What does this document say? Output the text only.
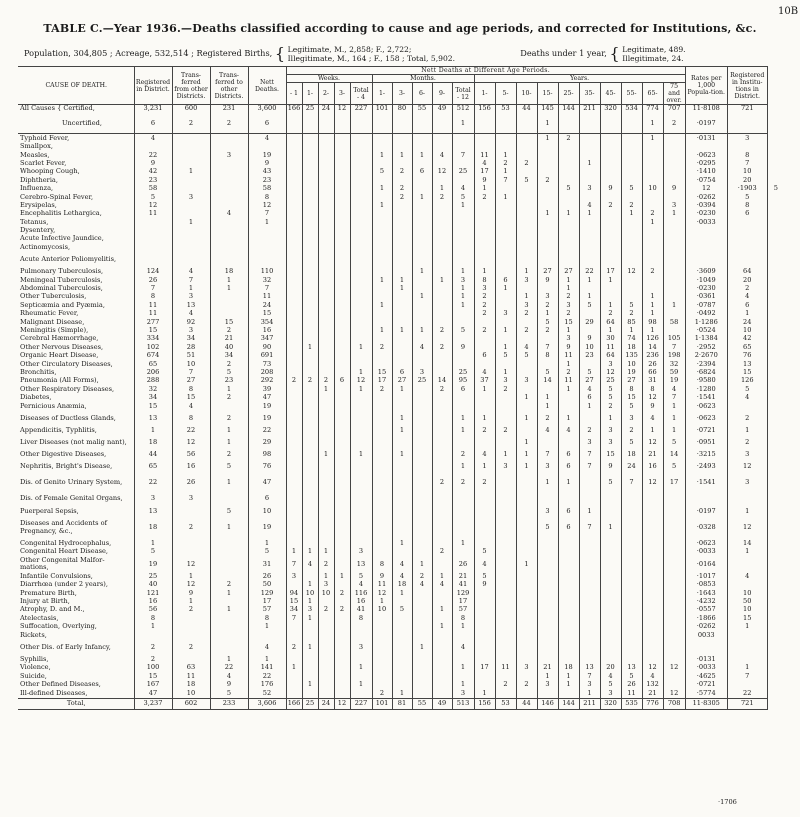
10B
TABLE C.—Year 1936.—Deaths classified according to cause and age periods, and corrected for Institutions, &c.
Population, 304,805 ; Acreage, 532,514 ; Registered Births, { Legitimate, M., 2,858; F., 2,722;
Illegitimate, M., 164 ; F., 158 ; Total, 5,902.  Deaths under 1 year, { Legitimate, 489.
Illegitimate, 24.
CAUSE OF DEATH.	Registered in District.	Trans-ferred from other Districts.	Trans-ferred to other Districts.	Nett Deaths.	Nett Deaths at Different Age Periods.																				Rates per 1,000 Popula-tion.	Registered in Institu-tions in District.	
					Weeks.					Months.					Years.												
					- 1	1-	2-	3-	Total - 4	1-	3-	6-	9-	Total - 12	1-	5-	10-	15-	25-	35-	45-	55-	65-	75 and over.			
All Causes { Certified,	3,231	600	231	3,600	166	25	24	12	227	101	80	55	49	512	156	53	44	145	144	211	320	534	774	707	11·8108	721	
Uncertified,	6	2	2	6										1				1					1	2	·0197		
Typhoid Fever,	4			4														1	2				1		·0131	3	
Smallpox,																											
Measles,	22		3	19						1	1	1	4	7	11	1									·0623	8	
Scarlet Fever,	9			9											4	2	2			1					·0295	7	
Whooping Cough,	42	1		43						5	2	6	12	25	17	1									·1410	10	
Diphtheria,	23			23											9	7	5	2							·0754	20	
Influenza,	58			58						1	2		1	4	1				5	3	9	5	10	9	12	·1903	5
Cerebro-Spinal Fever,	5	3		8							2	1	2	5	2	1									·0262	5	
Erysipelas,	12			12						1				1						4	2	2		3	·0394	8	
Encephalitis Lethargica,	11		4	7														1	1	1		1	2	1	·0230	6	
Tetanus,		1		1																			1		·0033		
Dysentery,																											
Acute Infective Jaundice,																											
Actinomycosis,																											
Acute Anterior Poliomyelitis,																											
Pulmonary Tuberculosis,	124	4	18	110								1		1	1		1	27	27	22	17	12	2		·3609	64	
Meningeal Tuberculosis,	26	7	1	32						1	1		1	3	8	6	3	9	1	1	1				·1049	20	
Abdominal Tuberculosis,	7	1	1	7							1			1	3	1			1						·0230	2	
Other Tuberculosis,	8	3		11								1		1	2		1	3	2	1			1		·0361	4	
Septicæmia and Pyæmia,	11	13		24						1				1	2		3	2	3	5	1	5	1	1	·0787	6	
Rheumatic Fever,	11	4		15											2	3	2	1	2		2	2	1		·0492	1	
Malignant Disease,	277	92	15	354														5	15	29	64	85	98	58	1·1286	24	
Meningitis (Simple),	15	3	2	16						1	1	1	2	5	2	1	2	2	1		1	1	1		·0524	10	
Cerebral Hæmorrhage,	334	34	21	347															3	9	30	74	126	105	1·1384	42	
Other Nervous Diseases,	102	28	40	90		1			1	2		4	2	9		1	4	7	9	10	11	18	14	7	·2952	65	
Organic Heart Disease,	674	51	34	691											6	5	5	8	11	23	64	135	236	198	2·2670	76	
Other Circulatory Diseases,	65	10	2	73															1		3	10	26	32	·2394	13	
Bronchitis,	206	7	5	208					1	15	6	3		25	4	1		5	2	5	12	19	66	59	·6824	15	
Pneumonia (All Forms),	288	27	23	292	2	2	2	6	12	17	27	25	14	95	37	3	3	14	11	27	25	27	31	19	·9580	126	
Other Respiratory Diseases,	32	8	1	39			1		1	2	1		2	6	1	2			1	4	5	8	8	4	·1280	5	
Diabetes,	34	15	2	47													1	1		6	5	15	12	7	·1541	4	
Pernicious Anæmia,	15	4		19														1		1	2	5	9	1	·0623		
Diseases of Ductless Glands,	13	8	2	19							1			1	1		1	2	1		1	3	4	1	·0623	2	
Appendicitis, Typhlitis,	1	22	1	22							1			1	2	2		4	4	2	3	2	1	1	·0721	1	
Liver Diseases (not malig nant),	18	12	1	29													1			3	3	5	12	5	·0951	2	
Other Digestive Diseases,	44	56	2	98			1		1		1			2	4	1	1	7	6	7	15	18	21	14	·3215	3	
Nephritis, Bright's Disease,	65	16	5	76										1	1	3	1	3	6	7	9	24	16	5	·2493	12	
Dis. of Genito Urinary System,	22	26	1	47									2	2	2			1	1		5	7	12	17	·1541	3	
Dis. of Female Genital Organs,	3	3		6																							
Puerperal Sepsis,	13		5	10														3	6	1					·0197	1	
Diseases and Accidents of Pregnancy, &c.,	18	2	1	19														5	6	7	1				·0328	12	
Congenital Hydrocephalus,	1			1							1			1											·0623	14	
Congenital Heart Disease,	5			5	1	1	1		3				2		5										·0033	1	
Other Congenital Malfor-mations,	19	12		31	7	4	2		13	8	4	1		26	4		1								·0164		
Infantile Convulsions,	25	1		26	3		1	1	5	9	4	2	1	21	5										·1017	4	
Diarrhœa (under 2 years),	40	12	2	50		1	3		4	11	18	4	4	41	9										·0853		
Premature Birth,	121	9	1	129	94	10	10	2	116	12	1			129											·1643	10	
Injury at Birth,	16	1		17	15	1			16	1				17											·4232	50	
Atrophy, D. and M.,	56	2	1	57	34	3	2	2	41	10	5		1	57											·0557	10	
Atelectasis,	8			8	7	1			8					8											·1866	15	
Suffocation, Overlying,	1			1									1	1											·0262	1	
Rickets,																									0033		
Other Dis. of Early Infancy,	2	2		4	2	1			3			1		4													
Syphilis,	2		1	1																					·0131		
Violence,	100	63	22	141	1				1					1	17	11	3	21	18	13	20	13	12	12	·0033	1	
Suicide,	15	11	4	22														1	1	7	4	5	4		·4625	7	
Other Defined Diseases,	167	18	9	176		1			1					1		2	2	3	1	3	5	26	132		·0721		
Ill-defined Diseases,	47	10	5	52						2	1			3	1					1	3	11	21	12	·5774	22	
Total,	3,237	602	233	3,606	166	25	24	12	227	101	81	55	49	513	156	53	44	146	144	211	320	535	776	708	11·8305	721	
·1706
